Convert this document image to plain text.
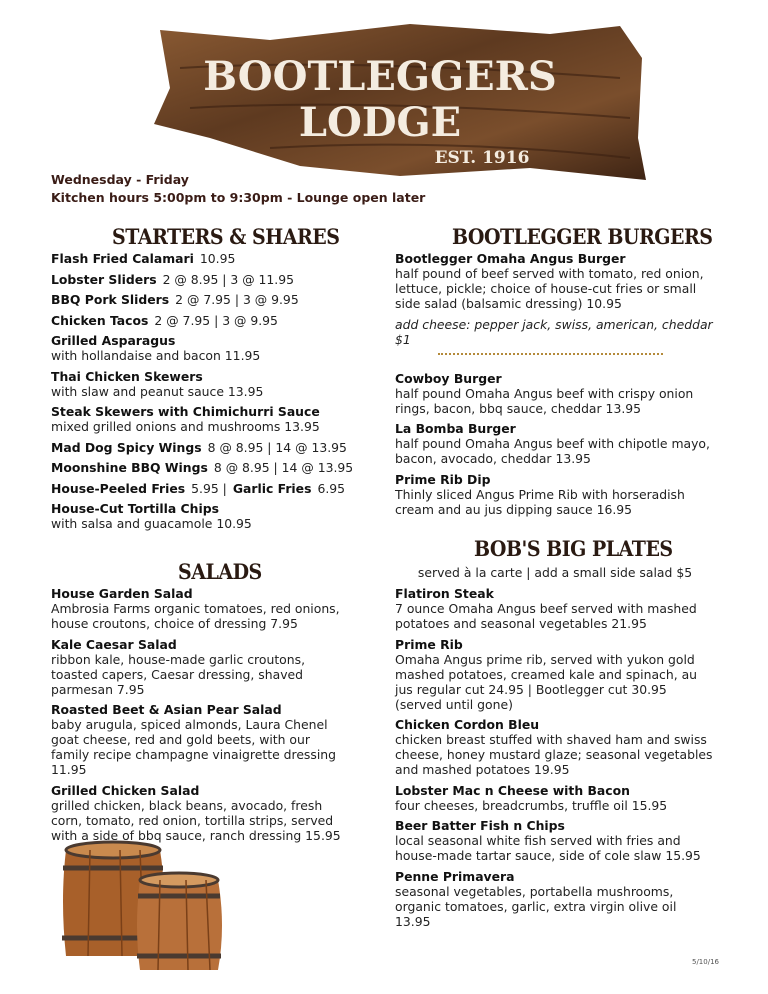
BOOTLEGGERS
LODGE
EST. 1916
Wednesday - Friday
Kitchen hours 5:00pm to 9:30pm - Lounge open later
STARTERS & SHARES
Flash Fried Calamari 10.95
Lobster Sliders 2 @ 8.95 | 3 @ 11.95
BBQ Pork Sliders 2 @ 7.95 | 3 @ 9.95
Chicken Tacos 2 @ 7.95 | 3 @ 9.95
Grilled Asparagus
with hollandaise and bacon 11.95
Thai Chicken Skewers
with slaw and peanut sauce 13.95
Steak Skewers with Chimichurri Sauce
mixed grilled onions and mushrooms 13.95
Mad Dog Spicy Wings 8 @ 8.95 | 14 @ 13.95
Moonshine BBQ Wings 8 @ 8.95 | 14 @ 13.95
House-Peeled Fries 5.95 | Garlic Fries 6.95
House-Cut Tortilla Chips
with salsa and guacamole 10.95
SALADS
House Garden Salad
Ambrosia Farms organic tomatoes, red onions, house croutons, choice of dressing 7.95
Kale Caesar Salad
ribbon kale, house-made garlic croutons, toasted capers, Caesar dressing, shaved parmesan 7.95
Roasted Beet & Asian Pear Salad
baby arugula, spiced almonds, Laura Chenel goat cheese, red and gold beets, with our family recipe champagne vinaigrette dressing 11.95
Grilled Chicken Salad
grilled chicken, black beans, avocado, fresh corn, tomato, red onion, tortilla strips, served with a side of bbq sauce, ranch dressing 15.95
BOOTLEGGER BURGERS
Bootlegger Omaha Angus Burger
half pound of beef served with tomato, red onion, lettuce, pickle; choice of house-cut fries or small side salad (balsamic dressing) 10.95
add cheese: pepper jack, swiss, american, cheddar $1
Cowboy Burger
half pound Omaha Angus beef with crispy onion rings, bacon, bbq sauce, cheddar 13.95
La Bomba Burger
half pound Omaha Angus beef with chipotle mayo, bacon, avocado, cheddar 13.95
Prime Rib Dip
Thinly sliced Angus Prime Rib with horseradish cream and au jus dipping sauce 16.95
BOB'S BIG PLATES
served à la carte | add a small side salad $5
Flatiron Steak
7 ounce Omaha Angus beef served with mashed potatoes and seasonal vegetables 21.95
Prime Rib
Omaha Angus prime rib, served with yukon gold mashed potatoes, creamed kale and spinach, au jus regular cut 24.95 | Bootlegger cut 30.95 (served until gone)
Chicken Cordon Bleu
chicken breast stuffed with shaved ham and swiss cheese, honey mustard glaze; seasonal vegetables and mashed potatoes 19.95
Lobster Mac n Cheese with Bacon
four cheeses, breadcrumbs, truffle oil 15.95
Beer Batter Fish n Chips
local seasonal white fish served with fries and house-made tartar sauce, side of cole slaw 15.95
Penne Primavera
seasonal vegetables, portabella mushrooms, organic tomatoes, garlic, extra virgin olive oil 13.95
5/10/16
